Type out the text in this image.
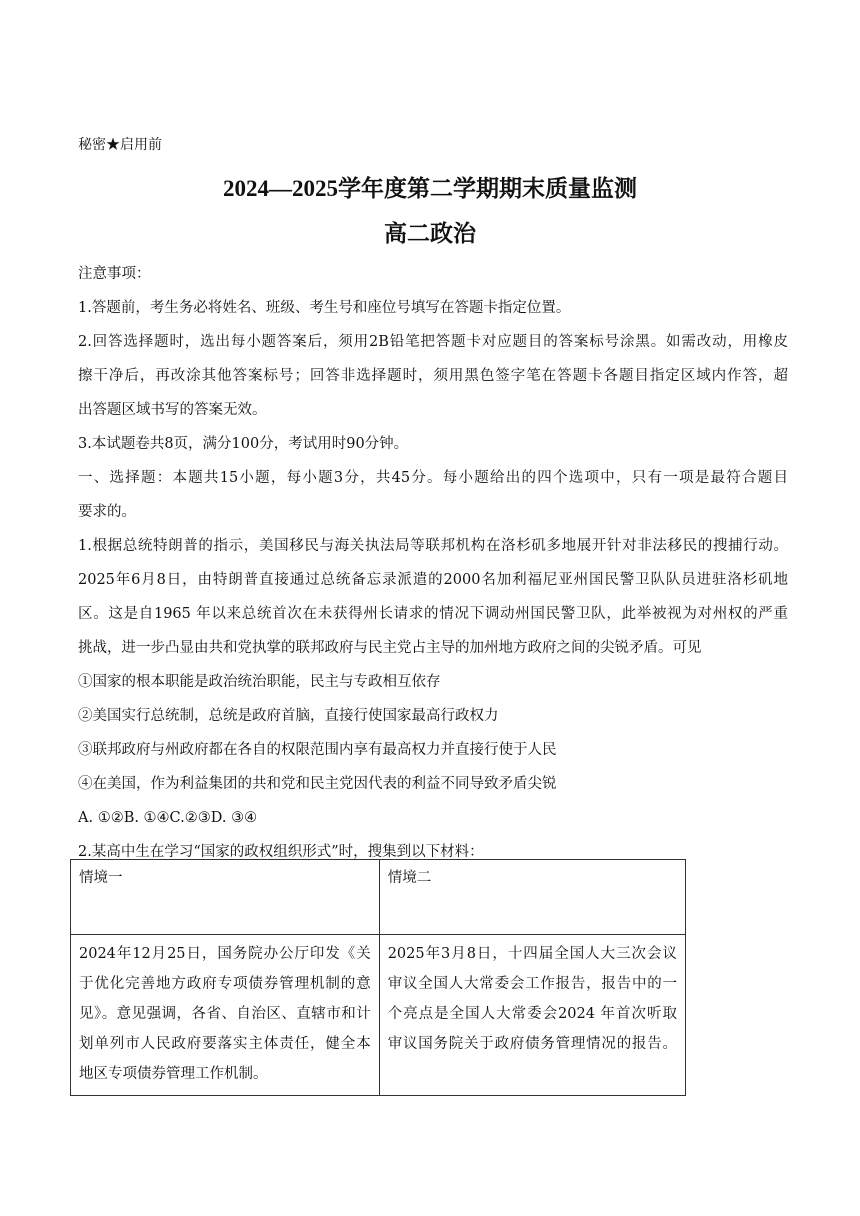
秘密★启用前
2024—2025学年度第二学期期末质量监测
高二政治
注意事项：
1.答题前，考生务必将姓名、班级、考生号和座位号填写在答题卡指定位置。
2.回答选择题时，选出每小题答案后，须用2B铅笔把答题卡对应题目的答案标号涂黑。如需改动，用橡皮
擦干净后，再改涂其他答案标号；回答非选择题时，须用黑色签字笔在答题卡各题目指定区域内作答，超
出答题区域书写的答案无效。
3.本试题卷共8页，满分100分，考试用时90分钟。
一、选择题：本题共15小题，每小题3分，共45分。每小题给出的四个选项中，只有一项是最符合题目
要求的。
1.根据总统特朗普的指示，美国移民与海关执法局等联邦机构在洛杉矶多地展开针对非法移民的搜捕行动。
2025年6月8日，由特朗普直接通过总统备忘录派遣的2000名加利福尼亚州国民警卫队队员进驻洛杉矶地
区。这是自1965 年以来总统首次在未获得州长请求的情况下调动州国民警卫队，此举被视为对州权的严重
挑战，进一步凸显由共和党执掌的联邦政府与民主党占主导的加州地方政府之间的尖锐矛盾。可见
①国家的根本职能是政治统治职能，民主与专政相互依存
②美国实行总统制，总统是政府首脑，直接行使国家最高行政权力
③联邦政府与州政府都在各自的权限范围内享有最高权力并直接行使于人民
④在美国，作为利益集团的共和党和民主党因代表的利益不同导致矛盾尖锐
A. ①②B. ①④C.②③D. ③④
2.某高中生在学习“国家的政权组织形式”时，搜集到以下材料：
情境一	情境二

2024年12月25日，国务院办公厅印发《关
于优化完善地方政府专项债券管理机制的意
见》。意见强调，各省、自治区、直辖市和计
划单列市人民政府要落实主体责任，健全本
地区专项债券管理工作机制。	2025年3月8日，十四届全国人大三次会议
审议全国人大常委会工作报告，报告中的一
个亮点是全国人大常委会2024 年首次听取
审议国务院关于政府债务管理情况的报告。
